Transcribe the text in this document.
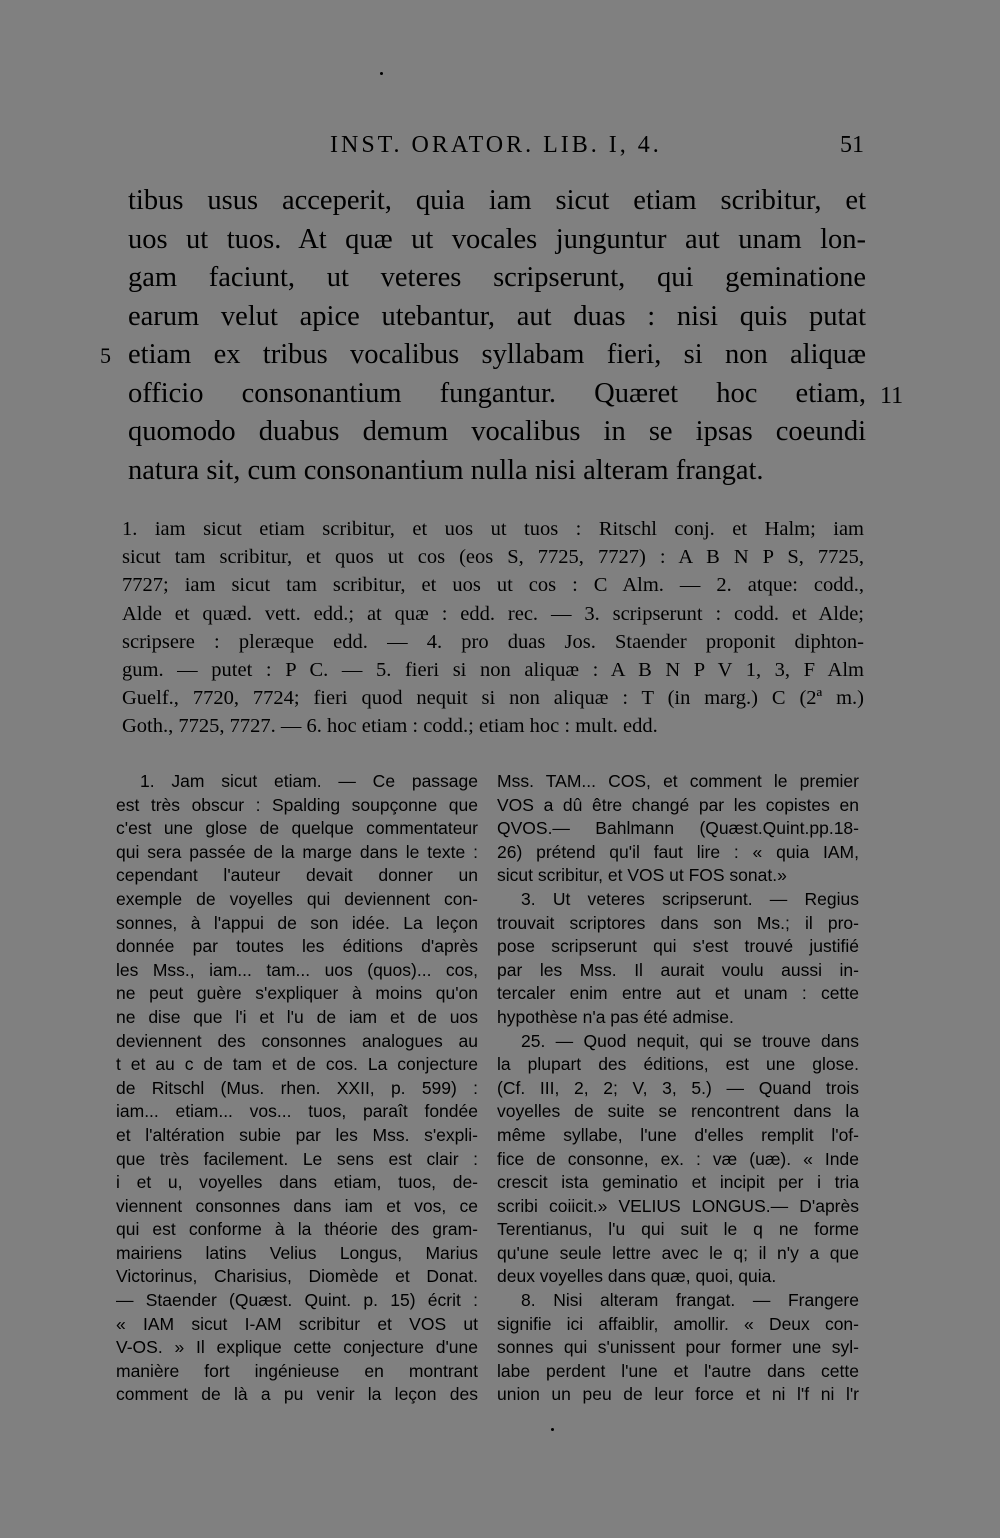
INST. ORATOR. LIB. I, 4.	51
5
11
tibus usus acceperit, quia iam sicut etiam scribitur, et
uos ut tuos. At quæ ut vocales junguntur aut unam lon-
gam faciunt, ut veteres scripserunt, qui geminatione
earum velut apice utebantur, aut duas : nisi quis putat
etiam ex tribus vocalibus syllabam fieri, si non aliquæ
officio consonantium fungantur. Quæret hoc etiam,
quomodo duabus demum vocalibus in se ipsas coeundi
natura sit, cum consonantium nulla nisi alteram frangat.
1. iam sicut etiam scribitur, et uos ut tuos : Ritschl conj. et Halm; iam
sicut tam scribitur, et quos ut cos (eos S, 7725, 7727) : A B N P S, 7725,
7727; iam sicut tam scribitur, et uos ut cos : C Alm. — 2. atque: codd.,
Alde et quæd. vett. edd.; at quæ : edd. rec. — 3. scripserunt : codd. et Alde;
scripsere : pleræque edd. — 4. pro duas Jos. Staender proponit diphton-
gum. — putet : P C. — 5. fieri si non aliquæ : A B N P V 1, 3, F Alm
Guelf., 7720, 7724; fieri quod nequit si non aliquæ : T (in marg.) C (2ª m.)
Goth., 7725, 7727. — 6. hoc etiam : codd.; etiam hoc : mult. edd.
1. Jam sicut etiam. — Ce passage
est très obscur : Spalding soupçonne que
c'est une glose de quelque commentateur
qui sera passée de la marge dans le texte :
cependant l'auteur devait donner un
exemple de voyelles qui deviennent con-
sonnes, à l'appui de son idée. La leçon
donnée par toutes les éditions d'après
les Mss., iam... tam... uos (quos)... cos,
ne peut guère s'expliquer à moins qu'on
ne dise que l'i et l'u de iam et de uos
deviennent des consonnes analogues au
t et au c de tam et de cos. La conjecture
de Ritschl (Mus. rhen. XXII, p. 599) :
iam... etiam... vos... tuos, paraît fondée
et l'altération subie par les Mss. s'expli-
que très facilement. Le sens est clair :
i et u, voyelles dans etiam, tuos, de-
viennent consonnes dans iam et vos, ce
qui est conforme à la théorie des gram-
mairiens latins Velius Longus, Marius
Victorinus, Charisius, Diomède et Donat.
— Staender (Quæst. Quint. p. 15) écrit :
« IAM sicut I-AM scribitur et VOS ut
V-OS. » Il explique cette conjecture d'une
manière fort ingénieuse en montrant
comment de là a pu venir la leçon des
Mss. TAM... COS, et comment le premier
VOS a dû être changé par les copistes en
QVOS.— Bahlmann (Quæst.Quint.pp.18-
26) prétend qu'il faut lire : « quia IAM,
sicut scribitur, et VOS ut FOS sonat.»
3. Ut veteres scripserunt. — Regius
trouvait scriptores dans son Ms.; il pro-
pose scripserunt qui s'est trouvé justifié
par les Mss. Il aurait voulu aussi in-
tercaler enim entre aut et unam : cette
hypothèse n'a pas été admise.
25. — Quod nequit, qui se trouve dans
la plupart des éditions, est une glose.
(Cf. III, 2, 2; V, 3, 5.) — Quand trois
voyelles de suite se rencontrent dans la
même syllabe, l'une d'elles remplit l'of-
fice de consonne, ex. : væ (uæ). « Inde
crescit ista geminatio et incipit per i tria
scribi coiicit.» VELIUS LONGUS.— D'après
Terentianus, l'u qui suit le q ne forme
qu'une seule lettre avec le q; il n'y a que
deux voyelles dans quæ, quoi, quia.
8. Nisi alteram frangat. — Frangere
signifie ici affaiblir, amollir. « Deux con-
sonnes qui s'unissent pour former une syl-
labe perdent l'une et l'autre dans cette
union un peu de leur force et ni l'f ni l'r
